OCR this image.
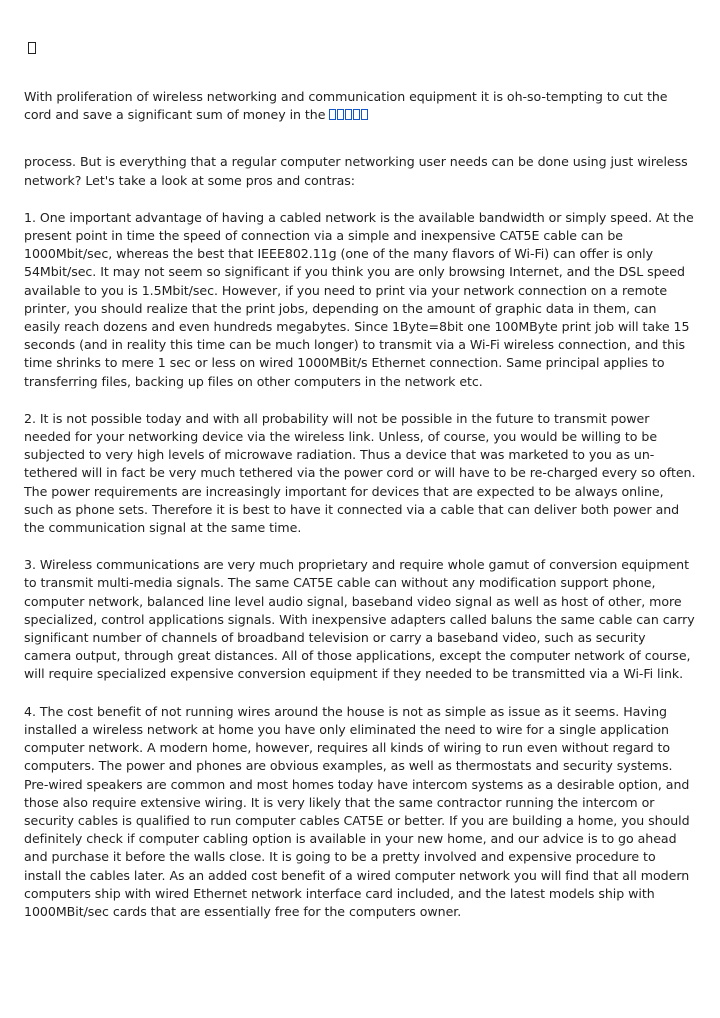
With proliferation of wireless networking and communication equipment it is oh-so-tempting to cut the cord and save a significant sum of money in the

process. But is everything that a regular computer networking user needs can be done using just wireless network? Let's take a look at some pros and contras:

1. One important advantage of having a cabled network is the available bandwidth or simply speed. At the present point in time the speed of connection via a simple and inexpensive CAT5E cable can be 1000Mbit/sec, whereas the best that IEEE802.11g (one of the many flavors of Wi-Fi) can offer is only 54Mbit/sec. It may not seem so significant if you think you are only browsing Internet, and the DSL speed available to you is 1.5Mbit/sec. However, if you need to print via your network connection on a remote printer, you should realize that the print jobs, depending on the amount of graphic data in them, can easily reach dozens and even hundreds megabytes. Since 1Byte=8bit one 100MByte print job will take 15 seconds (and in reality this time can be much longer) to transmit via a Wi-Fi wireless connection, and this time shrinks to mere 1 sec or less on wired 1000MBit/s Ethernet connection. Same principal applies to transferring files, backing up files on other computers in the network etc.

2. It is not possible today and with all probability will not be possible in the future to transmit power needed for your networking device via the wireless link. Unless, of course, you would be willing to be subjected to very high levels of microwave radiation. Thus a device that was marketed to you as un-tethered will in fact be very much tethered via the power cord or will have to be re-charged every so often. The power requirements are increasingly important for devices that are expected to be always online, such as phone sets. Therefore it is best to have it connected via a cable that can deliver both power and the communication signal at the same time.

3. Wireless communications are very much proprietary and require whole gamut of conversion equipment to transmit multi-media signals. The same CAT5E cable can without any modification support phone, computer network, balanced line level audio signal, baseband video signal as well as host of other, more specialized, control applications signals. With inexpensive adapters called baluns the same cable can carry significant number of channels of broadband television or carry a baseband video, such as security camera output, through great distances. All of those applications, except the computer network of course, will require specialized expensive conversion equipment if they needed to be transmitted via a Wi-Fi link.

4. The cost benefit of not running wires around the house is not as simple as issue as it seems. Having installed a wireless network at home you have only eliminated the need to wire for a single application computer network. A modern home, however, requires all kinds of wiring to run even without regard to computers. The power and phones are obvious examples, as well as thermostats and security systems. Pre-wired speakers are common and most homes today have intercom systems as a desirable option, and those also require extensive wiring. It is very likely that the same contractor running the intercom or security cables is qualified to run computer cables CAT5E or better. If you are building a home, you should definitely check if computer cabling option is available in your new home, and our advice is to go ahead and purchase it before the walls close. It is going to be a pretty involved and expensive procedure to install the cables later. As an added cost benefit of a wired computer network you will find that all modern computers ship with wired Ethernet network interface card included, and the latest models ship with 1000MBit/sec cards that are essentially free for the computers owner.
